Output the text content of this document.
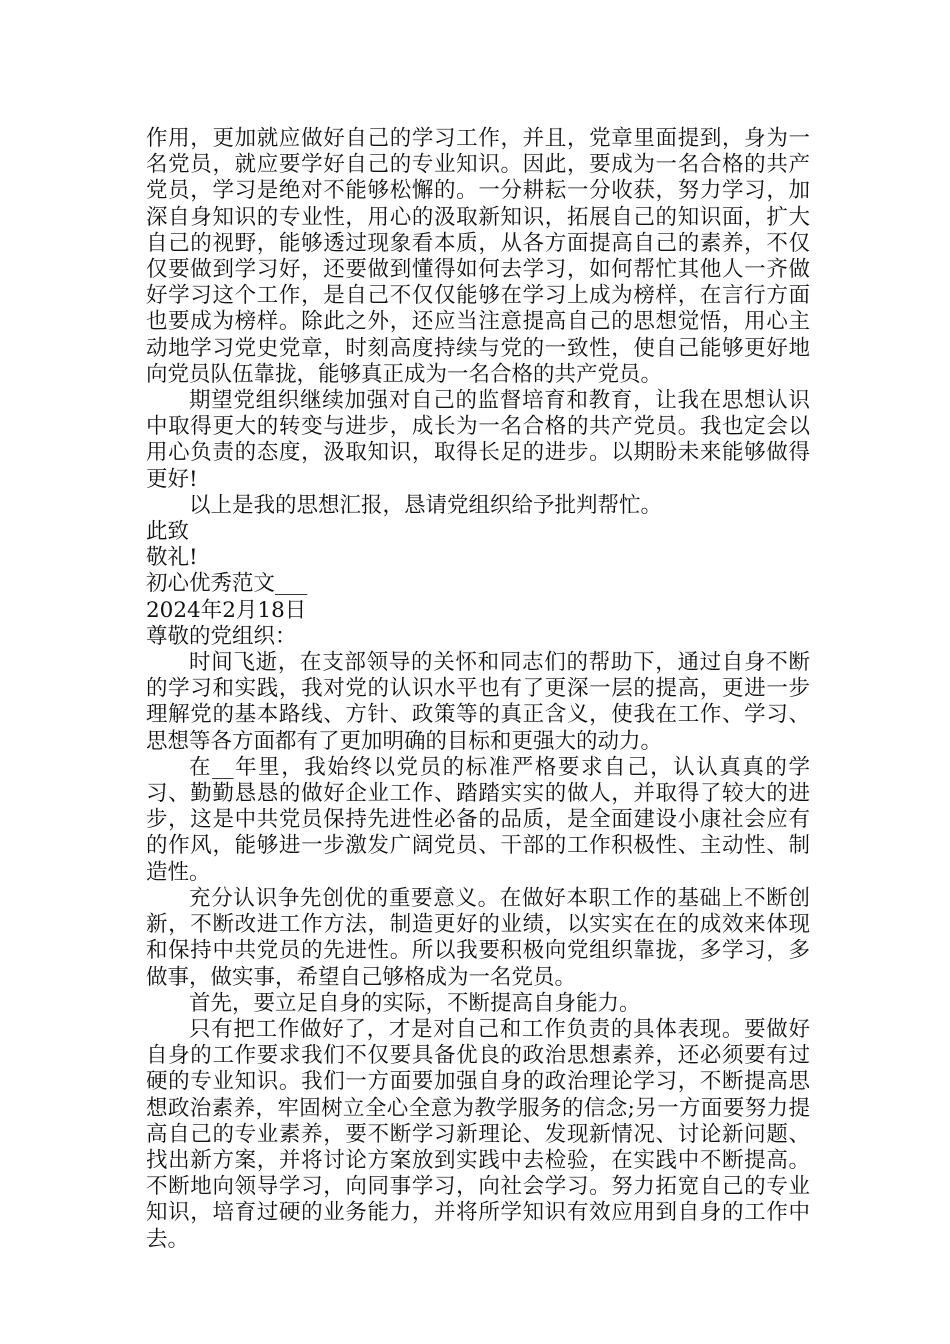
作用，更加就应做好自己的学习工作，并且，党章里面提到，身为一名党员，就应要学好自己的专业知识。因此，要成为一名合格的共产党员，学习是绝对不能够松懈的。一分耕耘一分收获，努力学习，加深自身知识的专业性，用心的汲取新知识，拓展自己的知识面，扩大自己的视野，能够透过现象看本质，从各方面提高自己的素养，不仅仅要做到学习好，还要做到懂得如何去学习，如何帮忙其他人一齐做好学习这个工作，是自己不仅仅能够在学习上成为榜样，在言行方面也要成为榜样。除此之外，还应当注意提高自己的思想觉悟，用心主动地学习党史党章，时刻高度持续与党的一致性，使自己能够更好地向党员队伍靠拢，能够真正成为一名合格的共产党员。

期望党组织继续加强对自己的监督培育和教育，让我在思想认识中取得更大的转变与进步，成长为一名合格的共产党员。我也定会以用心负责的态度，汲取知识，取得长足的进步。以期盼未来能够做得更好!

以上是我的思想汇报，恳请党组织给予批判帮忙。

此致

敬礼!

初心优秀范文___

2024年2月18日

尊敬的党组织：

时间飞逝，在支部领导的关怀和同志们的帮助下，通过自身不断的学习和实践，我对党的认识水平也有了更深一层的提高，更进一步理解党的基本路线、方针、政策等的真正含义，使我在工作、学习、思想等各方面都有了更加明确的目标和更强大的动力。

在__年里，我始终以党员的标准严格要求自己，认认真真的学习、勤勤恳恳的做好企业工作、踏踏实实的做人，并取得了较大的进步，这是中共党员保持先进性必备的品质，是全面建设小康社会应有的作风，能够进一步激发广阔党员、干部的工作积极性、主动性、制造性。

充分认识争先创优的重要意义。在做好本职工作的基础上不断创新，不断改进工作方法，制造更好的业绩，以实实在在的成效来体现和保持中共党员的先进性。所以我要积极向党组织靠拢，多学习，多做事，做实事，希望自己够格成为一名党员。

首先，要立足自身的实际，不断提高自身能力。

只有把工作做好了，才是对自己和工作负责的具体表现。要做好自身的工作要求我们不仅要具备优良的政治思想素养，还必须要有过硬的专业知识。我们一方面要加强自身的政治理论学习，不断提高思想政治素养，牢固树立全心全意为教学服务的信念;另一方面要努力提高自己的专业素养，要不断学习新理论、发现新情况、讨论新问题、找出新方案，并将讨论方案放到实践中去检验，在实践中不断提高。不断地向领导学习，向同事学习，向社会学习。努力拓宽自己的专业知识，培育过硬的业务能力，并将所学知识有效应用到自身的工作中去。
